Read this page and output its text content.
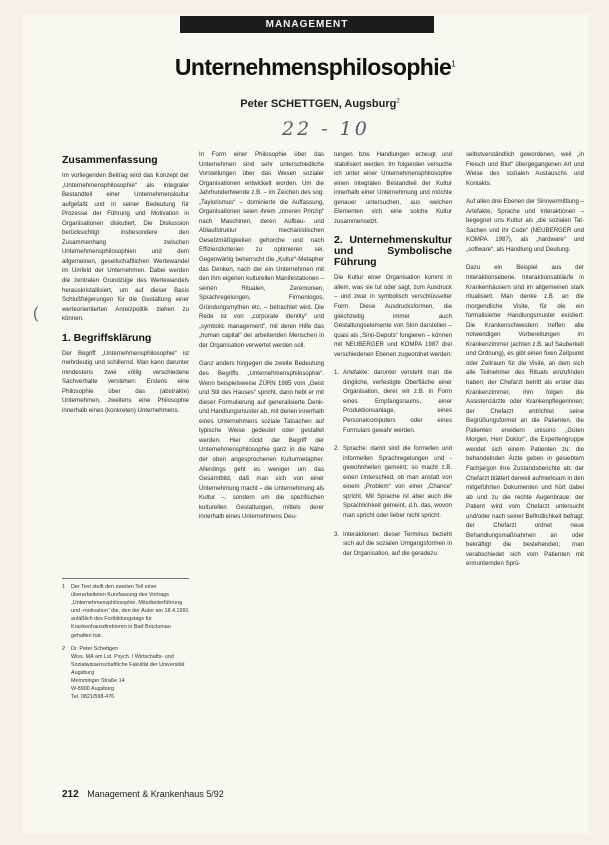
MANAGEMENT
Unternehmensphilosophie$^1$
Peter SCHETTGEN, Augsburg$^2$
22 - 10
(
Zusammenfassung

Im vorliegenden Beitrag wird das Konzept der „Unternehmensphilosophie“ als integraler Bestandteil einer Unternehmenskultur aufgefaßt und in seiner Bedeutung für Prozesse der Führung und Motivation in Organisationen diskutiert. Die Diskussion berücksichtigt insbesondere den Zusammenhang zwischen Unternehmensphilosophien und dem allgemeinen, gesellschaftlichen Wertewandel im Umfeld der Unternehmen. Dabei werden die zentralen Grundzüge des Wertewandels herauskristallisiert, um auf dieser Basis Schlußfolgerungen für die Gestaltung einer werteorientierten Anreizpolitik ziehen zu können.

1. Begriffsklärung

Der Begriff „Unternehmensphilosophie“ ist mehrdeutig und schillernd. Man kann darunter mindestens zwei völlig verschiedene Sachverhalte verstehen: Erstens eine Philosophie über das (abstrakte) Unternehmen, zweitens eine Philosophie innerhalb eines (konkreten) Unternehmens.

1	Der Text stellt den zweiten Teil einer überarbeiteten Kurzfassung des Vortrags „Unternehmensphilosophie, Mitarbeiterführung und -motivation“ dar, den der Autor am 18.4.1991 anläßlich des Fortbildungstags für Krankenhausdirektoren in Bad Brückenau gehalten hat.
2	Dr. Peter Schettgen
Wiss. MA am Lst. Psych. I Wirtschafts- und Sozialwissenschaftliche Fakultät der Universität Augsburg
Memminger Straße 14
W-8900 Augsburg
Tel. 0821/598-476

In Form einer Philosophie über das Unternehmen sind sehr unterschiedliche Vorstellungen über das Wesen sozialer Organisationen entwickelt worden. Um die Jahrhundertwende z.B. – im Zeichen des sog. „Taylorismus“ – dominierte die Auffassung, Organisationen seien ihrem „inneren Prinzip“ nach Maschinen, deren Aufbau- und Ablaufstruktur mechanistischen Gesetzmäßigkeiten gehorche und nach Effizienzkriterien zu optimieren sei. Gegenwärtig beherrscht die „Kultur“-Metapher das Denken, nach der ein Unternehmen mit den ihm eigenen kulturellen Manifestationen – seinen Ritualen, Zeremonien, Sprachregelungen, Firmenlogos, Gründungsmythen etc. – betrachtet wird. Die Rede ist von „corporate identity“ und „symbolic management“, mit deren Hilfe das „human capital“ der arbeitenden Menschen in der Organisation verwertet werden soll.

Ganz anders hingegen die zweite Bedeutung des Begriffs „Unternehmensphilosophie“. Wenn beispielsweise ZÜRN 1985 vom „Geist und Stil des Hauses“ spricht, dann hebt er mit dieser Formulierung auf generalisierte Denk- und Handlungsmuster ab, mit denen innerhalb eines Unternehmens soziale Tatsachen auf typische Weise gedeutet oder gestaltet werden. Hier rückt der Begriff der Unternehmensphilosophie ganz in die Nähe der oben angesprochenen Kulturmetapher. Allerdings geht es weniger um das Gesamtbild, daß man sich von einer Unternehmung macht – die Unternehmung als Kultur –, sondern um die spezifischen kulturellen Gestaltungen, mittels derer innerhalb eines Unternehmens Deu-

tungen bzw. Handlungen erzeugt und stabilisiert werden. Im folgenden versuche ich unter einer Unternehmensphilosophie einen integralen Bestandteil der Kultur innerhalb einer Unternehmung und möchte genauer untersuchen, aus welchen Elementen sich eine solche Kultur zusammensetzt.

2. Unternehmenskultur und Symbolische Führung

Die Kultur einer Organisation kommt in allem, was sie tut oder sagt, zum Ausdruck – und zwar in symbolisch verschlüsselter Form. Diese Ausdrucksformen, die gleichzeitig immer auch Gestaltungselemente von Sinn darstellen – quasi als „Sinn-Depots“ fungieren – können mit NEUBERGER und KOMPA 1987 drei verschiedenen Ebenen zugeordnet werden:

1. Artefakte: darunter versteht man die dingliche, verfestigte Oberfläche einer Organisation, derer wir z.B. in Form eines Empfangsraums, einer Produktionsanlage, eines Personalcomputers oder eines Formulars gewahr werden.
2. Sprache: damit sind die formellen und informellen Sprachregelungen und -gewohnheiten gemeint; so macht z.B. einen Unterschied, ob man anstatt von einem „Problem“ von einer „Chance“ spricht. Mit Sprache ist aber auch die Sprachlichkeit gemeint, d.h. das, wovon man spricht oder lieber nicht spricht.
3. Interaktionen: dieser Terminus bezieht sich auf die sozialen Umgangsformen in der Organisation, auf die geradezu

selbstverständlich gewordenen, weil „in Fleisch und Blut“ übergegangenen Art und Weise des sozialen Austauschs und Kontakts.

Auf allen drei Ebenen der Sinnvermittlung – Artefakte, Sprache und Interaktionen – begegnet uns Kultur als „die sozialen Tat-Sachen und ihr Code“ (NEUBERGER und KOMPA 1987), als „hardware“ und „software“, als Handlung und Deutung.

Dazu ein Beispiel aus der Interaktionsebene. Interaktionsabläufe in Krankenhäusern sind im allgemeinen stark ritualisiert. Man denke z.B. an die morgendliche Visite, für die ein formalisierter Handlungsmuster existiert: Die Krankenschwestern treffen alle notwendigen Vorbereitungen im Krankenzimmer (achten z.B. auf Sauberkeit und Ordnung), es gibt einen fixen Zeitpunkt oder Zeitraum für die Visite, an dem sich alle Teilnehmer des Rituals einzufinden haben; der Chefarzt betritt als erster das Krankenzimmer, ihm folgen die Assistenzärzte oder Krankenpflegerinnen; der Chefarzt entrichtet seine Begrüßungsformel an die Patienten, die Patienten erwidern unisono „Guten Morgen, Herr Doktor“, die Expertengruppe wendet sich einem Patienten zu; die behandelnden Ärzte geben in gesiebtem Fachjargon ihre Zustandsberichte ab; der Chefarzt blättert derweil aufmerksam in den mitgeführten Dokumenten und hört dabei ab und zu die rechte Augenbraue; der Patient wird vom Chefarzt untersucht und/oder nach seiner Befindlichkeit befragt; der Chefarzt ordnet neue Behandlungsmaßnahmen an oder bekräftigt die bestehenden; man verabschiedet sich vom Patienten mit ermunternden Sprü-

212 Management & Krankenhaus 5/92
